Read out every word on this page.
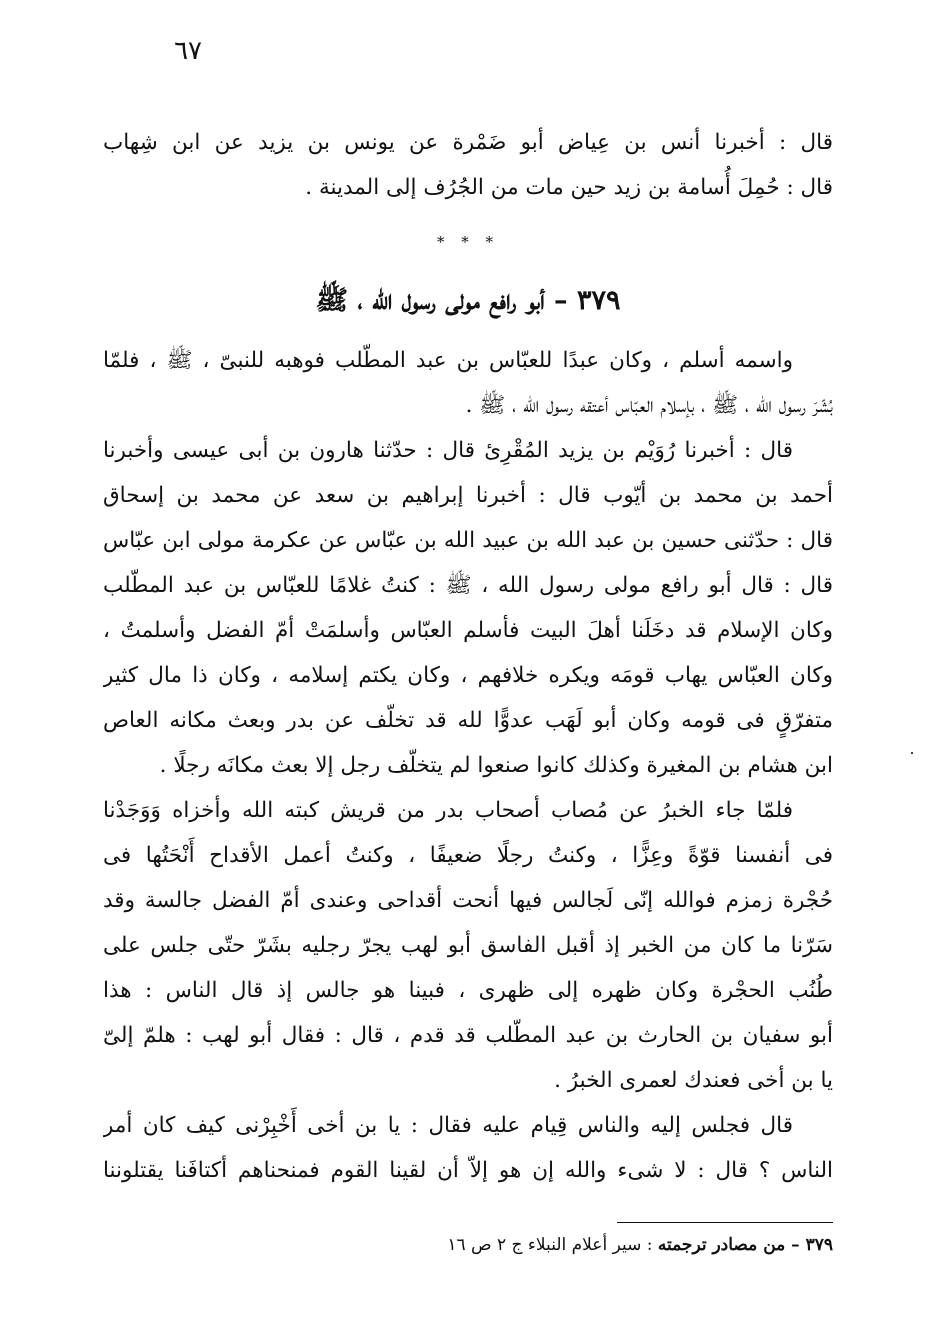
٦٧
قال : أخبرنا أنس بن عِياض أبو ضَمْرة عن يونس بن يزيد عن ابن شِهاب
قال : حُمِلَ أُسامة بن زيد حين مات من الجُرُف إلى المدينة .
* * *
٣٧٩ – أبو رافع مولى رسول الله ، ﷺ
واسمه أسلم ، وكان عبدًا للعبّاس بن عبد المطّلب فوهبه للنبىّ ، ﷺ ، فلمّا
بُشّرَ رسول الله ، ﷺ ، بإسلام العبّاس أعتقه رسول الله ، ﷺ .
قال : أخبرنا رُوَيْم بن يزيد المُقْرِئ قال : حدّثنا هارون بن أبى عيسى وأخبرنا
أحمد بن محمد بن أيّوب قال : أخبرنا إبراهيم بن سعد عن محمد بن إسحاق
قال : حدّثنى حسين بن عبد الله بن عبيد الله بن عبّاس عن عكرمة مولى ابن عبّاس
قال : قال أبو رافع مولى رسول الله ، ﷺ : كنتُ غلامًا للعبّاس بن عبد المطّلب
وكان الإسلام قد دخَلَنا أهلَ البيت فأسلم العبّاس وأسلمَتْ أمّ الفضل وأسلمتُ ،
وكان العبّاس يهاب قومَه ويكره خلافهم ، وكان يكتم إسلامه ، وكان ذا مال كثير
متفرّقٍ فى قومه وكان أبو لَهَب عدوًّا لله قد تخلّف عن بدر وبعث مكانه العاص
ابن هشام بن المغيرة وكذلك كانوا صنعوا لم يتخلّف رجل إلا بعث مكانَه رجلًا .
فلمّا جاء الخبرُ عن مُصاب أصحاب بدر من قريش كبته الله وأخزاه وَوَجَدْنا
فى أنفسنا قوّةً وعِزًّا ، وكنتُ رجلًا ضعيفًا ، وكنتُ أعمل الأقداح أَنْحَتُها فى
حُجْرة زمزم فوالله إنّى لَجالس فيها أنحت أقداحى وعندى أمّ الفضل جالسة وقد
سَرّنا ما كان من الخبر إذ أقبل الفاسق أبو لهب يجرّ رجليه بشَرّ حتّى جلس على
طُنُب الحجْرة وكان ظهره إلى ظهرى ، فبينا هو جالس إذ قال الناس : هذا
أبو سفيان بن الحارث بن عبد المطّلب قد قدم ، قال : فقال أبو لهب : هلمّ إلىّ
يا بن أخى فعندك لعمرى الخبرُ .
قال فجلس إليه والناس قِيام عليه فقال : يا بن أخى أَخْبِرْنى كيف كان أمر
الناس ؟ قال : لا شىء والله إن هو إلاّ أن لقينا القوم فمنحناهم أكتافَنا يقتلوننا
٣٧٩ – من مصادر ترجمته : سير أعلام النبلاء ج ٢ ص ١٦
